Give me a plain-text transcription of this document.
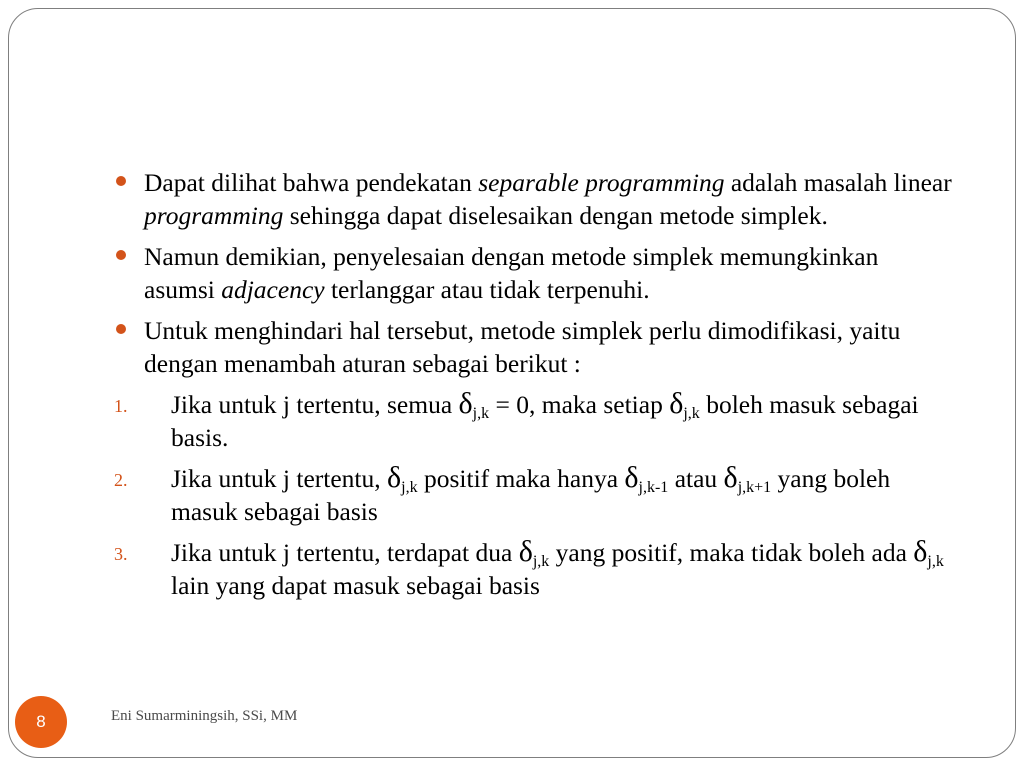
Dapat dilihat bahwa pendekatan separable programming adalah masalah linear programming sehingga dapat diselesaikan dengan metode simplek.
Namun demikian, penyelesaian dengan metode simplek memungkinkan asumsi adjacency terlanggar atau tidak terpenuhi.
Untuk menghindari hal tersebut, metode simplek perlu dimodifikasi, yaitu dengan menambah aturan sebagai berikut :
1. Jika untuk j tertentu, semua $\delta_{j,k} = 0$, maka setiap $\delta_{j,k}$ boleh masuk sebagai basis.
2. Jika untuk j tertentu, $\delta_{j,k}$ positif maka hanya $\delta_{j,k-1}$ atau $\delta_{j,k+1}$ yang boleh masuk sebagai basis
3. Jika untuk j tertentu, terdapat dua $\delta_{j,k}$ yang positif, maka tidak boleh ada $\delta_{j,k}$ lain yang dapat masuk sebagai basis
8	Eni Sumarminingsih, SSi, MM
